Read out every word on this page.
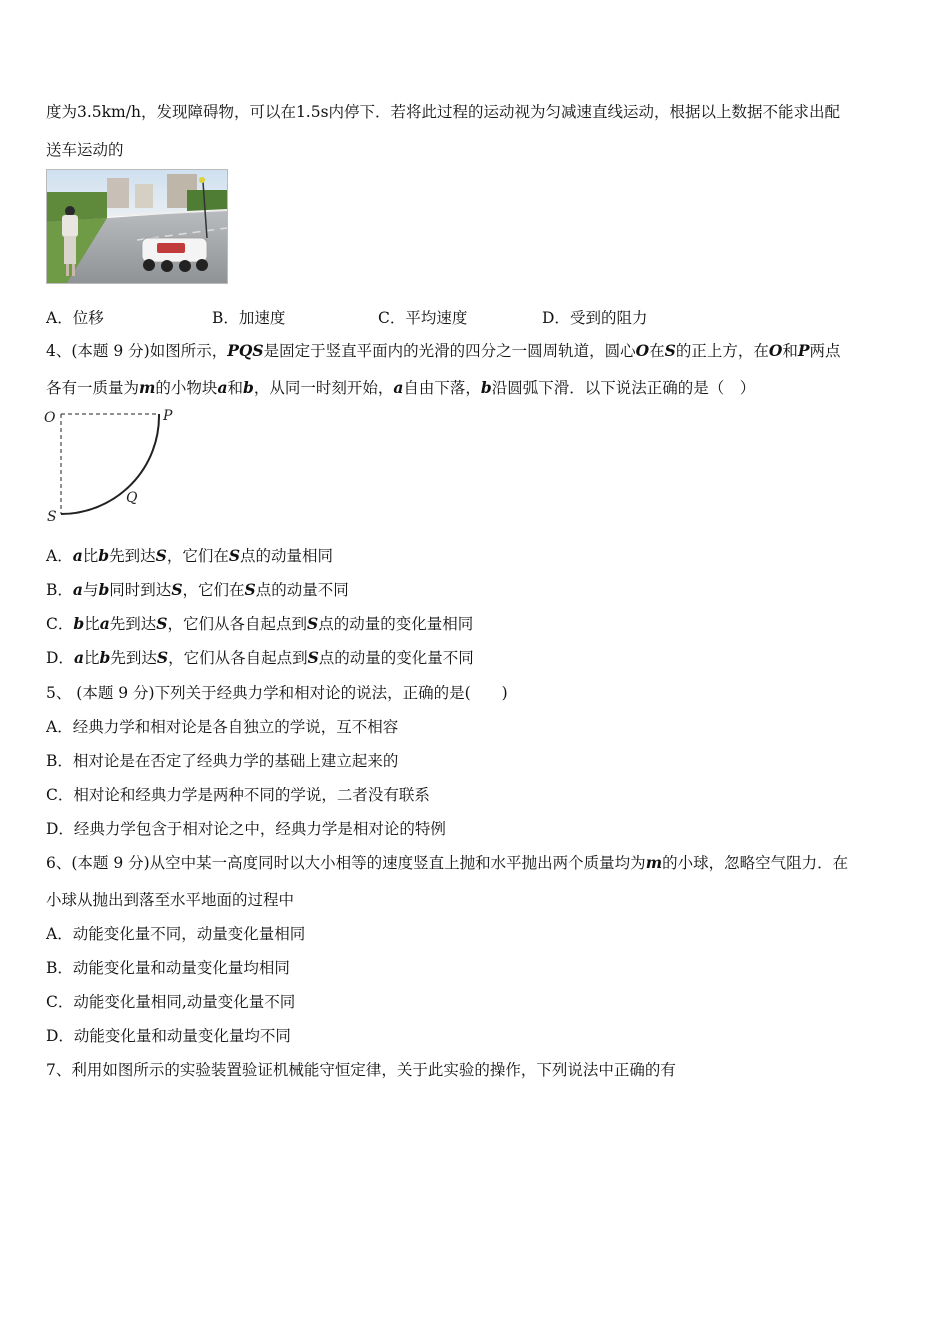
度为3.5km/h，发现障碍物，可以在1.5s内停下．若将此过程的运动视为匀减速直线运动，根据以上数据不能求出配
送车运动的
A．位移	B．加速度	C．平均速度	D．受到的阻力
4、(本题 9 分)如图所示，PQS是固定于竖直平面内的光滑的四分之一圆周轨道，圆心O在S的正上方，在O和P两点
各有一质量为m的小物块a和b，从同一时刻开始，a自由下落，b沿圆弧下滑．以下说法正确的是（　）
O	P
Q
S
A．a比b先到达S，它们在S点的动量相同
B．a与b同时到达S，它们在S点的动量不同
C．b比a先到达S，它们从各自起点到S点的动量的变化量相同
D．a比b先到达S，它们从各自起点到S点的动量的变化量不同
5、 (本题 9 分)下列关于经典力学和相对论的说法，正确的是(　　)
A．经典力学和相对论是各自独立的学说，互不相容
B．相对论是在否定了经典力学的基础上建立起来的
C．相对论和经典力学是两种不同的学说，二者没有联系
D．经典力学包含于相对论之中，经典力学是相对论的特例
6、(本题 9 分)从空中某一高度同时以大小相等的速度竖直上抛和水平抛出两个质量均为m的小球，忽略空气阻力．在
小球从抛出到落至水平地面的过程中
A．动能变化量不同，动量变化量相同
B．动能变化量和动量变化量均相同
C．动能变化量相同,动量变化量不同
D．动能变化量和动量变化量均不同
7、利用如图所示的实验装置验证机械能守恒定律，关于此实验的操作，下列说法中正确的有
